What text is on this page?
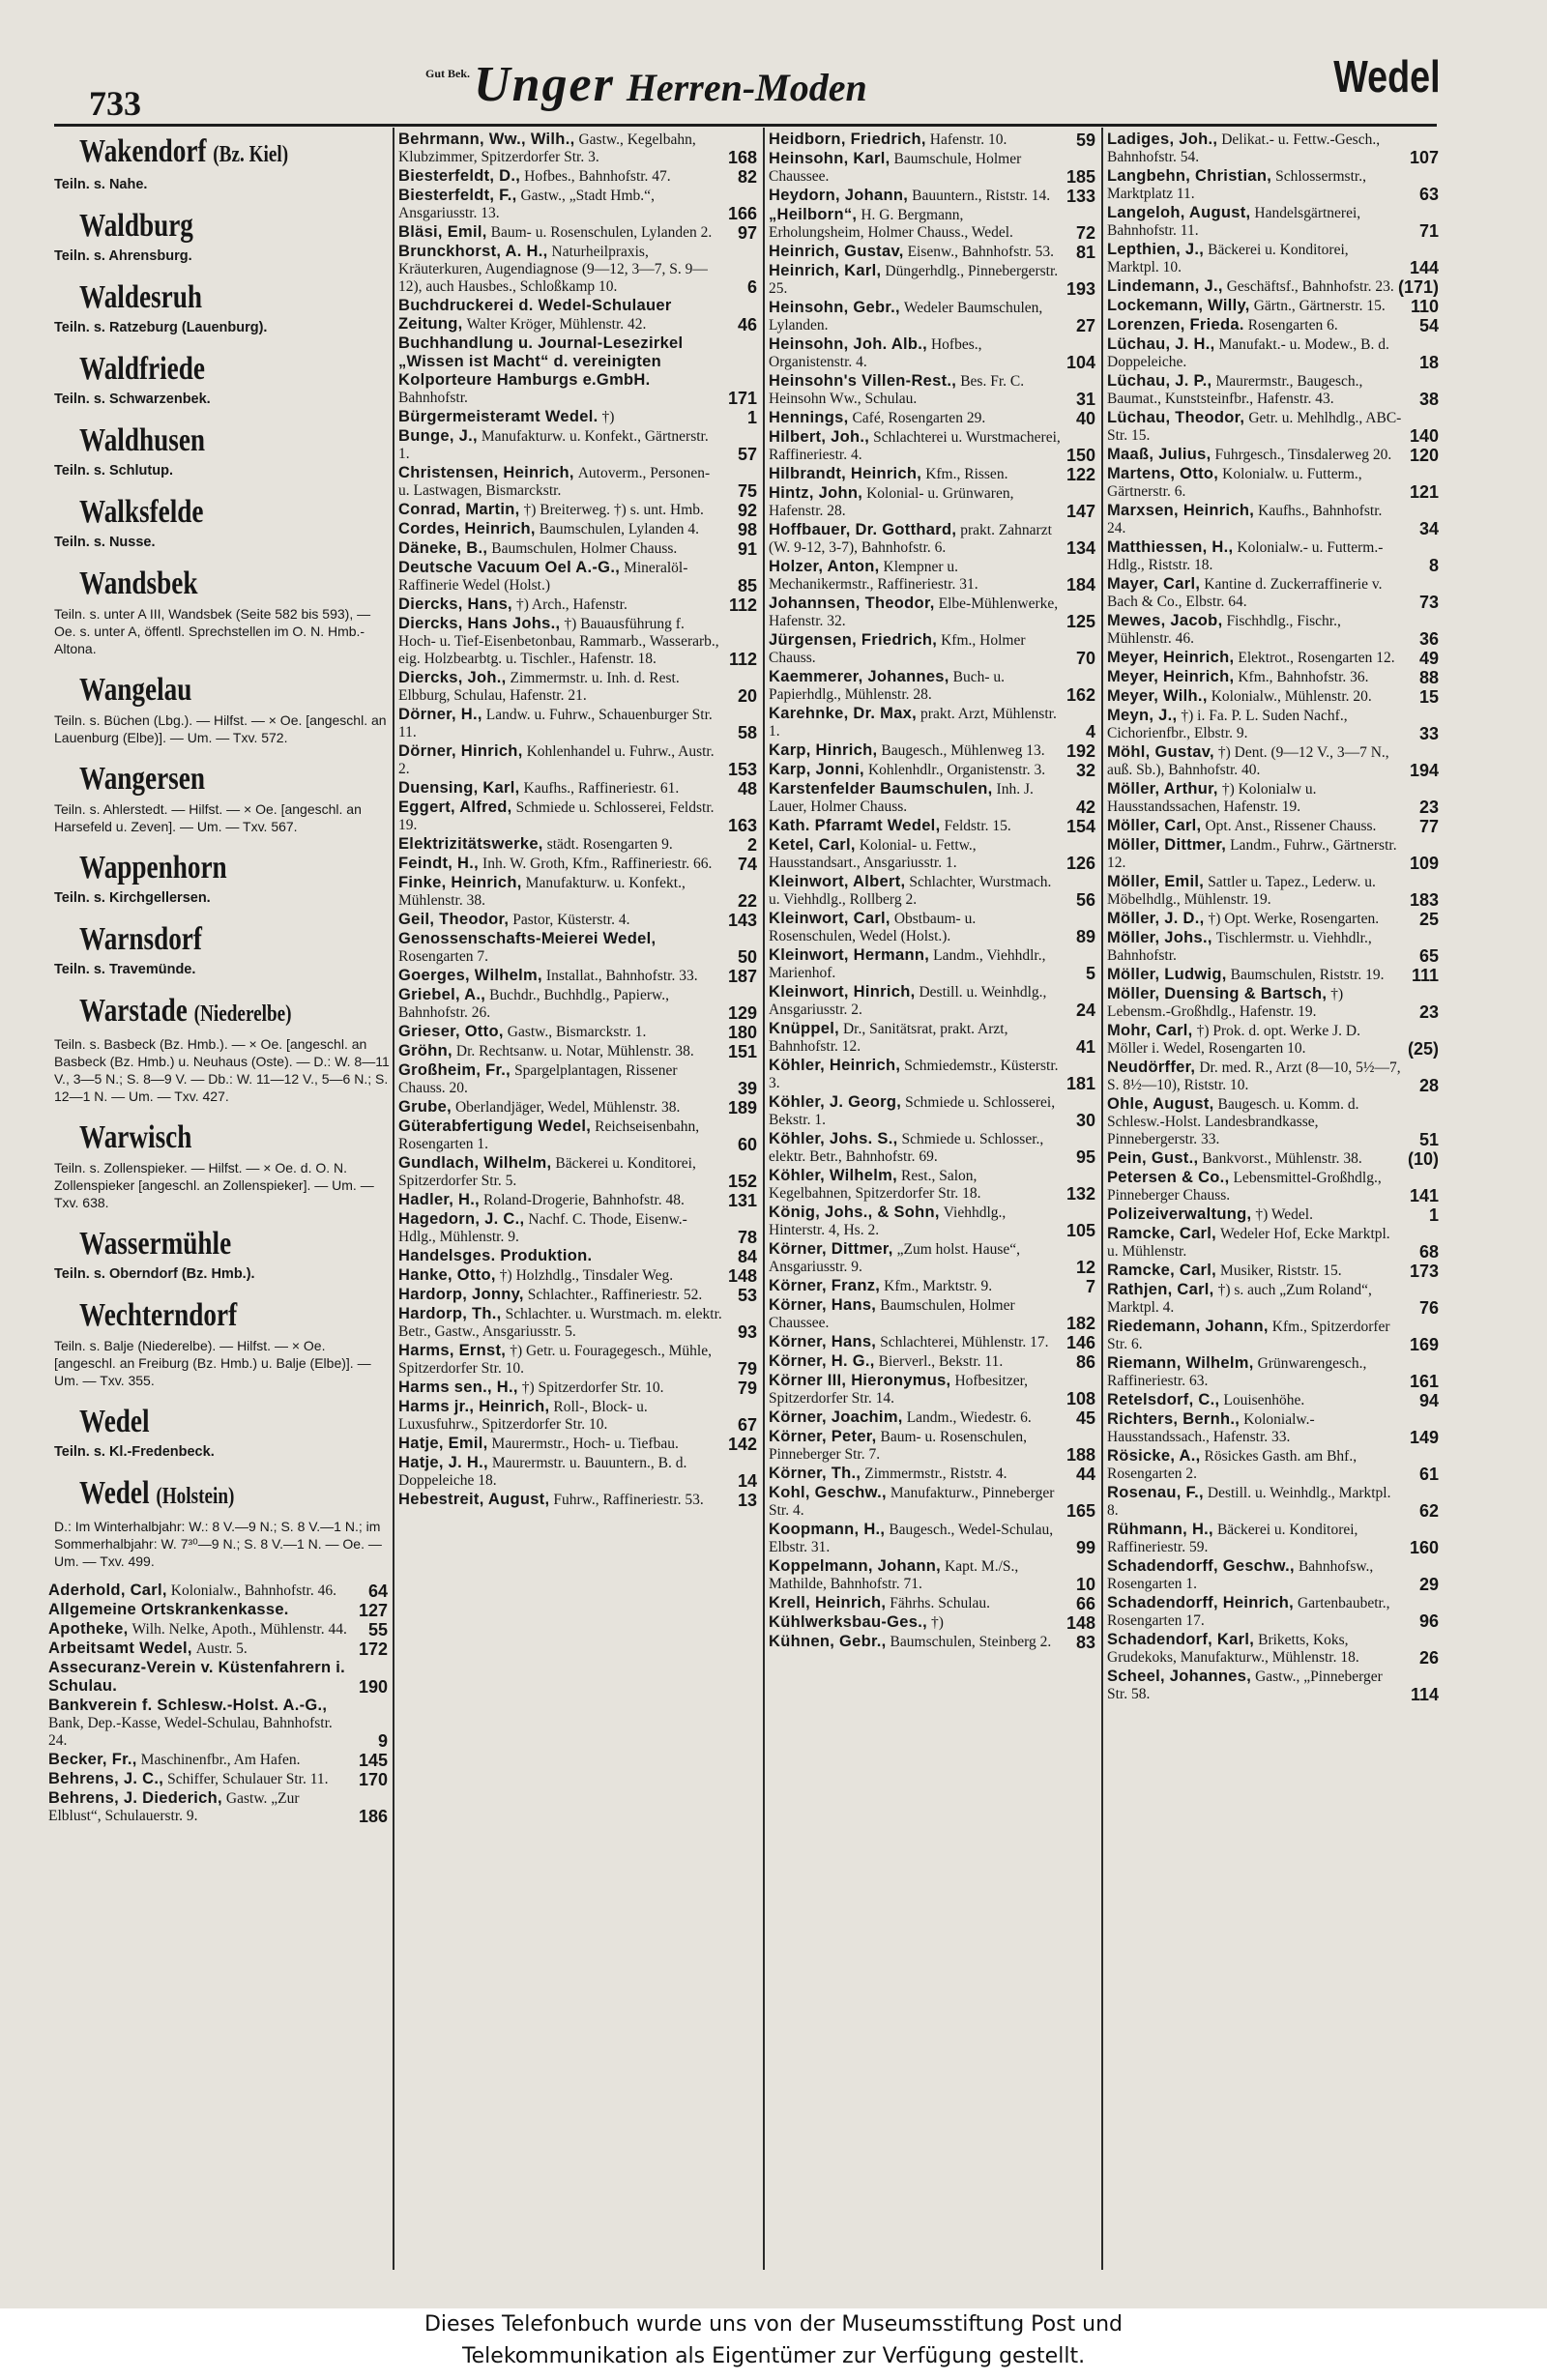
733
Gut Bek.Unger Herren-Moden	Wedel
Wakendorf (Bz. Kiel)
Teiln. s. Nahe.
Waldburg
Teiln. s. Ahrensburg.
Waldesruh
Teiln. s. Ratzeburg (Lauenburg).
Waldfriede
Teiln. s. Schwarzenbek.
Waldhusen
Teiln. s. Schlutup.
Walksfelde
Teiln. s. Nusse.
Wandsbek
Teiln. s. unter A III, Wandsbek (Seite 582 bis 593), — Oe. s. unter A, öffentl. Sprechstellen im O. N. Hmb.-Altona.
Wangelau
Teiln. s. Büchen (Lbg.). — Hilfst. — × Oe. [angeschl. an Lauenburg (Elbe)]. — Um. — Txv. 572.
Wangersen
Teiln. s. Ahlerstedt. — Hilfst. — × Oe. [angeschl. an Harsefeld u. Zeven]. — Um. — Txv. 567.
Wappenhorn
Teiln. s. Kirchgellersen.
Warnsdorf
Teiln. s. Travemünde.
Warstade (Niederelbe)
Teiln. s. Basbeck (Bz. Hmb.). — × Oe. [angeschl. an Basbeck (Bz. Hmb.) u. Neuhaus (Oste). — D.: W. 8—11 V., 3—5 N.; S. 8—9 V. — Db.: W. 11—12 V., 5—6 N.; S. 12—1 N. — Um. — Txv. 427.
Warwisch
Teiln. s. Zollenspieker. — Hilfst. — × Oe. d. O. N. Zollenspieker [angeschl. an Zollenspieker]. — Um. — Txv. 638.
Wassermühle
Teiln. s. Oberndorf (Bz. Hmb.).
Wechterndorf
Teiln. s. Balje (Niederelbe). — Hilfst. — × Oe. [angeschl. an Freiburg (Bz. Hmb.) u. Balje (Elbe)]. — Um. — Txv. 355.
Wedel
Teiln. s. Kl.-Fredenbeck.
Wedel (Holstein)
D.: Im Winterhalbjahr: W.: 8 V.—9 N.; S. 8 V.—1 N.; im Sommerhalbjahr: W. 7³⁰—9 N.; S. 8 V.—1 N. — Oe. — Um. — Txv. 499.
Aderhold, Carl, Kolonialw., Bahnhofstr. 46. 64
Allgemeine Ortskrankenkasse.	127
Apotheke, Wilh. Nelke, Apoth., Mühlenstr. 44. 55
Arbeitsamt Wedel, Austr. 5.	172
Assecuranz-Verein v. Küstenfahrern i. Schulau.	190
Bankverein f. Schlesw.-Holst. A.-G., Bank, Dep.-Kasse, Wedel-Schulau, Bahnhofstr. 24.	9
Becker, Fr., Maschinenfbr., Am Hafen.	145
Behrens, J. C., Schiffer, Schulauer Str. 11. 170
Behrens, J. Diederich, Gastw. „Zur Elblust“, Schulauerstr. 9.	186
Behrmann, Ww., Wilh., Gastw., Kegelbahn, Klubzimmer, Spitzerdorfer Str. 3.	168
Biesterfeldt, D., Hofbes., Bahnhofstr. 47.	82
Biesterfeldt, F., Gastw., „Stadt Hmb.“, Ansgariusstr. 13.	166
Bläsi, Emil, Baum- u. Rosenschulen, Lylanden 2. 97
Brunckhorst, A. H., Naturheilpraxis, Kräuterkuren, Augendiagnose (9—12, 3—7, S. 9—12), auch Hausbes., Schloßkamp 10.	6
Buchdruckerei d. Wedel-Schulauer Zeitung, Walter Kröger, Mühlenstr. 42.	46
Buchhandlung u. Journal-Lesezirkel „Wissen ist Macht“ d. vereinigten Kolporteure Hamburgs e.GmbH. Bahnhofstr.	171
Bürgermeisteramt Wedel. †)	1
Bunge, J., Manufakturw. u. Konfekt., Gärtnerstr. 1.	57
Christensen, Heinrich, Autoverm., Personen- u. Lastwagen, Bismarckstr.	75
Conrad, Martin, †) Breiterweg. †) s. unt. Hmb. 92
Cordes, Heinrich, Baumschulen, Lylanden 4. 98
Däneke, B., Baumschulen, Holmer Chauss.	91
Deutsche Vacuum Oel A.-G., Mineralöl-Raffinerie Wedel (Holst.)	85
Diercks, Hans, †) Arch., Hafenstr.	112
Diercks, Hans Johs., †) Bauausführung f. Hoch- u. Tief-Eisenbetonbau, Rammarb., Wasserarb., eig. Holzbearbtg. u. Tischler., Hafenstr. 18.	112
Diercks, Joh., Zimmermstr. u. Inh. d. Rest. Elbburg, Schulau, Hafenstr. 21.	20
Dörner, H., Landw. u. Fuhrw., Schauenburger Str. 11.	58
Dörner, Hinrich, Kohlenhandel u. Fuhrw., Austr. 2.	153
Duensing, Karl, Kaufhs., Raffineriestr. 61.	48
Eggert, Alfred, Schmiede u. Schlosserei, Feldstr. 19.	163
Elektrizitätswerke, städt. Rosengarten 9.	2
Feindt, H., Inh. W. Groth, Kfm., Raffineriestr. 66. 74
Finke, Heinrich, Manufakturw. u. Konfekt., Mühlenstr. 38.	22
Geil, Theodor, Pastor, Küsterstr. 4.	143
Genossenschafts-Meierei Wedel, Rosengarten 7.	50
Goerges, Wilhelm, Installat., Bahnhofstr. 33. 187
Griebel, A., Buchdr., Buchhdlg., Papierw., Bahnhofstr. 26.	129
Grieser, Otto, Gastw., Bismarckstr. 1.	180
Gröhn, Dr. Rechtsanw. u. Notar, Mühlenstr. 38. 151
Großheim, Fr., Spargelplantagen, Rissener Chauss. 20.	39
Grube, Oberlandjäger, Wedel, Mühlenstr. 38.	189
Güterabfertigung Wedel, Reichseisenbahn, Rosengarten 1.	60
Gundlach, Wilhelm, Bäckerei u. Konditorei, Spitzerdorfer Str. 5.	152
Hadler, H., Roland-Drogerie, Bahnhofstr. 48.	131
Hagedorn, J. C., Nachf. C. Thode, Eisenw.-Hdlg., Mühlenstr. 9.	78
Handelsges. Produktion.	84
Hanke, Otto, †) Holzhdlg., Tinsdaler Weg.	148
Hardorp, Jonny, Schlachter., Raffineriestr. 52. 53
Hardorp, Th., Schlachter. u. Wurstmach. m. elektr. Betr., Gastw., Ansgariusstr. 5.	93
Harms, Ernst, †) Getr. u. Fouragegesch., Mühle, Spitzerdorfer Str. 10.	79
Harms sen., H., †) Spitzerdorfer Str. 10.	79
Harms jr., Heinrich, Roll-, Block- u. Luxusfuhrw., Spitzerdorfer Str. 10.	67
Hatje, Emil, Maurermstr., Hoch- u. Tiefbau.	142
Hatje, J. H., Maurermstr. u. Bauuntern., B. d. Doppeleiche 18.	14
Hebestreit, August, Fuhrw., Raffineriestr. 53. 13
Heidborn, Friedrich, Hafenstr. 10.	59
Heinsohn, Karl, Baumschule, Holmer Chaussee.	185
Heydorn, Johann, Bauuntern., Riststr. 14. 133
„Heilborn“, H. G. Bergmann, Erholungsheim, Holmer Chauss., Wedel.	72
Heinrich, Gustav, Eisenw., Bahnhofstr. 53. 81
Heinrich, Karl, Düngerhdlg., Pinnebergerstr. 25.	193
Heinsohn, Gebr., Wedeler Baumschulen, Lylanden.	27
Heinsohn, Joh. Alb., Hofbes., Organistenstr. 4.	104
Heinsohn's Villen-Rest., Bes. Fr. C. Heinsohn Ww., Schulau.	31
Hennings, Café, Rosengarten 29.	40
Hilbert, Joh., Schlachterei u. Wurstmacherei, Raffineriestr. 4.	150
Hilbrandt, Heinrich, Kfm., Rissen.	122
Hintz, John, Kolonial- u. Grünwaren, Hafenstr. 28.	147
Hoffbauer, Dr. Gotthard, prakt. Zahnarzt (W. 9-12, 3-7), Bahnhofstr. 6.	134
Holzer, Anton, Klempner u. Mechanikermstr., Raffineriestr. 31.	184
Johannsen, Theodor, Elbe-Mühlenwerke, Hafenstr. 32.	125
Jürgensen, Friedrich, Kfm., Holmer Chauss.	70
Kaemmerer, Johannes, Buch- u. Papierhdlg., Mühlenstr. 28.	162
Karehnke, Dr. Max, prakt. Arzt, Mühlenstr. 1.	4
Karp, Hinrich, Baugesch., Mühlenweg 13. 192
Karp, Jonni, Kohlenhdlr., Organistenstr. 3. 32
Karstenfelder Baumschulen, Inh. J. Lauer, Holmer Chauss.	42
Kath. Pfarramt Wedel, Feldstr. 15.	154
Ketel, Carl, Kolonial- u. Fettw., Hausstandsart., Ansgariusstr. 1.	126
Kleinwort, Albert, Schlachter, Wurstmach. u. Viehhdlg., Rollberg 2.	56
Kleinwort, Carl, Obstbaum- u. Rosenschulen, Wedel (Holst.).	89
Kleinwort, Hermann, Landm., Viehhdlr., Marienhof.	5
Kleinwort, Hinrich, Destill. u. Weinhdlg., Ansgariusstr. 2.	24
Knüppel, Dr., Sanitätsrat, prakt. Arzt, Bahnhofstr. 12.	41
Köhler, Heinrich, Schmiedemstr., Küsterstr. 3.	181
Köhler, J. Georg, Schmiede u. Schlosserei, Bekstr. 1.	30
Köhler, Johs. S., Schmiede u. Schlosser., elektr. Betr., Bahnhofstr. 69.	95
Köhler, Wilhelm, Rest., Salon, Kegelbahnen, Spitzerdorfer Str. 18.	132
König, Johs., & Sohn, Viehhdlg., Hinterstr. 4, Hs. 2.	105
Körner, Dittmer, „Zum holst. Hause“, Ansgariusstr. 9.	12
Körner, Franz, Kfm., Marktstr. 9.	7
Körner, Hans, Baumschulen, Holmer Chaussee.	182
Körner, Hans, Schlachterei, Mühlenstr. 17. 146
Körner, H. G., Bierverl., Bekstr. 11.	86
Körner III, Hieronymus, Hofbesitzer, Spitzerdorfer Str. 14.	108
Körner, Joachim, Landm., Wiedestr. 6.	45
Körner, Peter, Baum- u. Rosenschulen, Pinneberger Str. 7.	188
Körner, Th., Zimmermstr., Riststr. 4.	44
Kohl, Geschw., Manufakturw., Pinneberger Str. 4.	165
Koopmann, H., Baugesch., Wedel-Schulau, Elbstr. 31.	99
Koppelmann, Johann, Kapt. M./S., Mathilde, Bahnhofstr. 71.	10
Krell, Heinrich, Fährhs. Schulau.	66
Kühlwerksbau-Ges., †)	148
Kühnen, Gebr., Baumschulen, Steinberg 2. 83
Ladiges, Joh., Delikat.- u. Fettw.-Gesch., Bahnhofstr. 54.	107
Langbehn, Christian, Schlossermstr., Marktplatz 11.	63
Langeloh, August, Handelsgärtnerei, Bahnhofstr. 11.	71
Lepthien, J., Bäckerei u. Konditorei, Marktpl. 10.	144
Lindemann, J., Geschäftsf., Bahnhofstr. 23. (171)
Lockemann, Willy, Gärtn., Gärtnerstr. 15. 110
Lorenzen, Frieda. Rosengarten 6.	54
Lüchau, J. H., Manufakt.- u. Modew., B. d. Doppeleiche.	18
Lüchau, J. P., Maurermstr., Baugesch., Baumat., Kunststeinfbr., Hafenstr. 43.	38
Lüchau, Theodor, Getr. u. Mehlhdlg., ABC-Str. 15.	140
Maaß, Julius, Fuhrgesch., Tinsdalerweg 20. 120
Martens, Otto, Kolonialw. u. Futterm., Gärtnerstr. 6.	121
Marxsen, Heinrich, Kaufhs., Bahnhofstr. 24.	34
Matthiessen, H., Kolonialw.- u. Futterm.-Hdlg., Riststr. 18.	8
Mayer, Carl, Kantine d. Zuckerraffinerie v. Bach & Co., Elbstr. 64.	73
Mewes, Jacob, Fischhdlg., Fischr., Mühlenstr. 46.	36
Meyer, Heinrich, Elektrot., Rosengarten 12. 49
Meyer, Heinrich, Kfm., Bahnhofstr. 36.	88
Meyer, Wilh., Kolonialw., Mühlenstr. 20.	15
Meyn, J., †) i. Fa. P. L. Suden Nachf., Cichorienfbr., Elbstr. 9.	33
Möhl, Gustav, †) Dent. (9—12 V., 3—7 N., auß. Sb.), Bahnhofstr. 40.	194
Möller, Arthur, †) Kolonialw u. Hausstandssachen, Hafenstr. 19.	23
Möller, Carl, Opt. Anst., Rissener Chauss. 77
Möller, Dittmer, Landm., Fuhrw., Gärtnerstr. 12.	109
Möller, Emil, Sattler u. Tapez., Lederw. u. Möbelhdlg., Mühlenstr. 19.	183
Möller, J. D., †) Opt. Werke, Rosengarten. 25
Möller, Johs., Tischlermstr. u. Viehhdlr., Bahnhofstr.	65
Möller, Ludwig, Baumschulen, Riststr. 19. 111
Möller, Duensing & Bartsch, †) Lebensm.-Großhdlg., Hafenstr. 19.	23
Mohr, Carl, †) Prok. d. opt. Werke J. D. Möller i. Wedel, Rosengarten 10.	(25)
Neudörffer, Dr. med. R., Arzt (8—10, 5½—7, S. 8½—10), Riststr. 10.	28
Ohle, August, Baugesch. u. Komm. d. Schlesw.-Holst. Landesbrandkasse, Pinnebergerstr. 33.	51
Pein, Gust., Bankvorst., Mühlenstr. 38.	(10)
Petersen & Co., Lebensmittel-Großhdlg., Pinneberger Chauss.	141
Polizeiverwaltung, †) Wedel.	1
Ramcke, Carl, Wedeler Hof, Ecke Marktpl. u. Mühlenstr.	68
Ramcke, Carl, Musiker, Riststr. 15.	173
Rathjen, Carl, †) s. auch „Zum Roland“, Marktpl. 4.	76
Riedemann, Johann, Kfm., Spitzerdorfer Str. 6.	169
Riemann, Wilhelm, Grünwarengesch., Raffineriestr. 63.	161
Retelsdorf, C., Louisenhöhe.	94
Richters, Bernh., Kolonialw.-Hausstandssach., Hafenstr. 33.	149
Rösicke, A., Rösickes Gasth. am Bhf., Rosengarten 2.	61
Rosenau, F., Destill. u. Weinhdlg., Marktpl. 8.	62
Rühmann, H., Bäckerei u. Konditorei, Raffineriestr. 59.	160
Schadendorff, Geschw., Bahnhofsw., Rosengarten 1.	29
Schadendorff, Heinrich, Gartenbaubetr., Rosengarten 17.	96
Schadendorf, Karl, Briketts, Koks, Grudekoks, Manufakturw., Mühlenstr. 18.	26
Scheel, Johannes, Gastw., „Pinneberger Str. 58.	114
Dieses Telefonbuch wurde uns von der Museumsstiftung Post und
Telekommunikation als Eigentümer zur Verfügung gestellt.
